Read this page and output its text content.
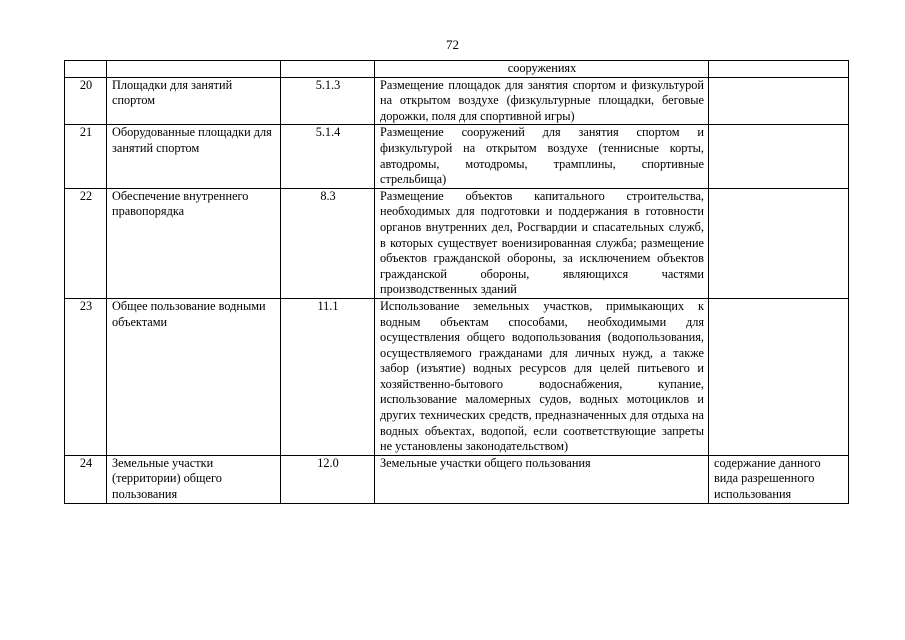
72
			сооружениях	
20	Площадки для занятий спортом	5.1.3	Размещение площадок для занятия спортом и физкультурой на открытом воздухе (физкультурные площадки, беговые дорожки, поля для спортивной игры)	
21	Оборудованные площадки для занятий спортом	5.1.4	Размещение сооружений для занятия спортом и физкультурой на открытом воздухе (теннисные корты, автодромы, мотодромы, трамплины, спортивные стрельбища)	
22	Обеспечение внутреннего правопорядка	8.3	Размещение объектов капитального строительства, необходимых для подготовки и поддержания в готовности органов внутренних дел, Росгвардии и спасательных служб, в которых существует военизированная служба; размещение объектов гражданской обороны, за исключением объектов гражданской обороны, являющихся частями производственных зданий	
23	Общее пользование водными объектами	11.1	Использование земельных участков, примыкающих к водным объектам способами, необходимыми для осуществления общего водопользования (водопользования, осуществляемого гражданами для личных нужд, а также забор (изъятие) водных ресурсов для целей питьевого и хозяйственно-бытового водоснабжения, купание, использование маломерных судов, водных мотоциклов и других технических средств, предназначенных для отдыха на водных объектах, водопой, если соответствующие запреты не установлены законодательством)	
24	Земельные участки (территории) общего пользования	12.0	Земельные участки общего пользования	содержание данного вида разрешенного использования
